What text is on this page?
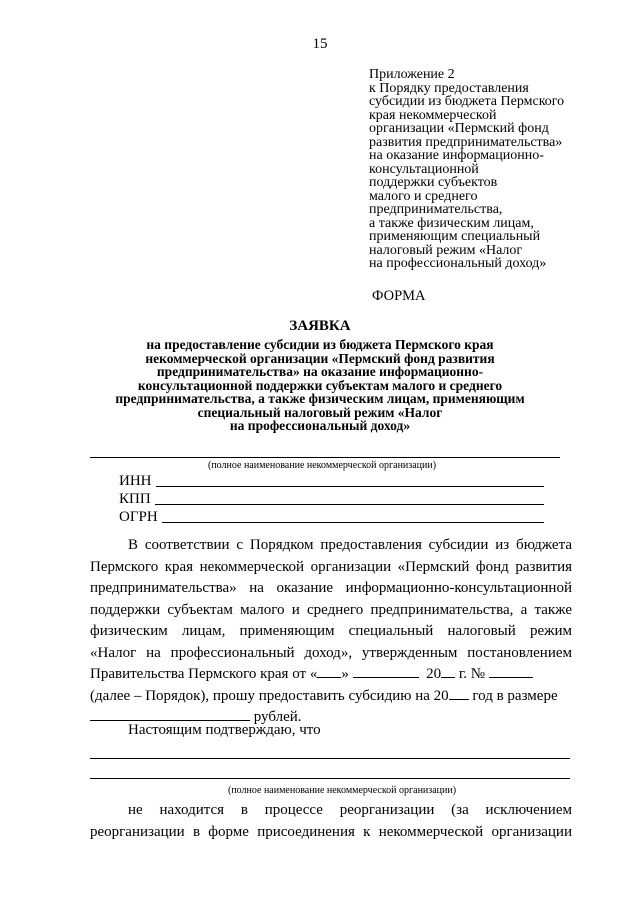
15
Приложение 2
к Порядку предоставления
субсидии из бюджета Пермского
края некоммерческой
организации «Пермский фонд
развития предпринимательства»
на оказание информационно-
консультационной
поддержки субъектов
малого и среднего
предпринимательства,
а также физическим лицам,
применяющим специальный
налоговый режим «Налог
на профессиональный доход»
ФОРМА
ЗАЯВКА
на предоставление субсидии из бюджета Пермского края
некоммерческой организации «Пермский фонд развития
предпринимательства» на оказание информационно-
консультационной поддержки субъектам малого и среднего
предпринимательства, а также физическим лицам, применяющим
специальный налоговый режим «Налог
на профессиональный доход»
(полное наименование некоммерческой организации)
ИНН
КПП
ОГРН
В соответствии с Порядком предоставления субсидии из бюджета
Пермского края некоммерческой организации «Пермский фонд развития
предпринимательства» на оказание информационно-консультационной
поддержки субъектам малого и среднего предпринимательства, а также
физическим лицам, применяющим специальный налоговый режим
«Налог на профессиональный доход», утвержденным постановлением
Правительства Пермского края от « »	20 г. №
(далее – Порядок), прошу предоставить субсидию на 20 год в размере
рублей.
Настоящим подтверждаю, что
(полное наименование некоммерческой организации)
не находится в процессе реорганизации (за исключением
реорганизации в форме присоединения к некоммерческой организации
